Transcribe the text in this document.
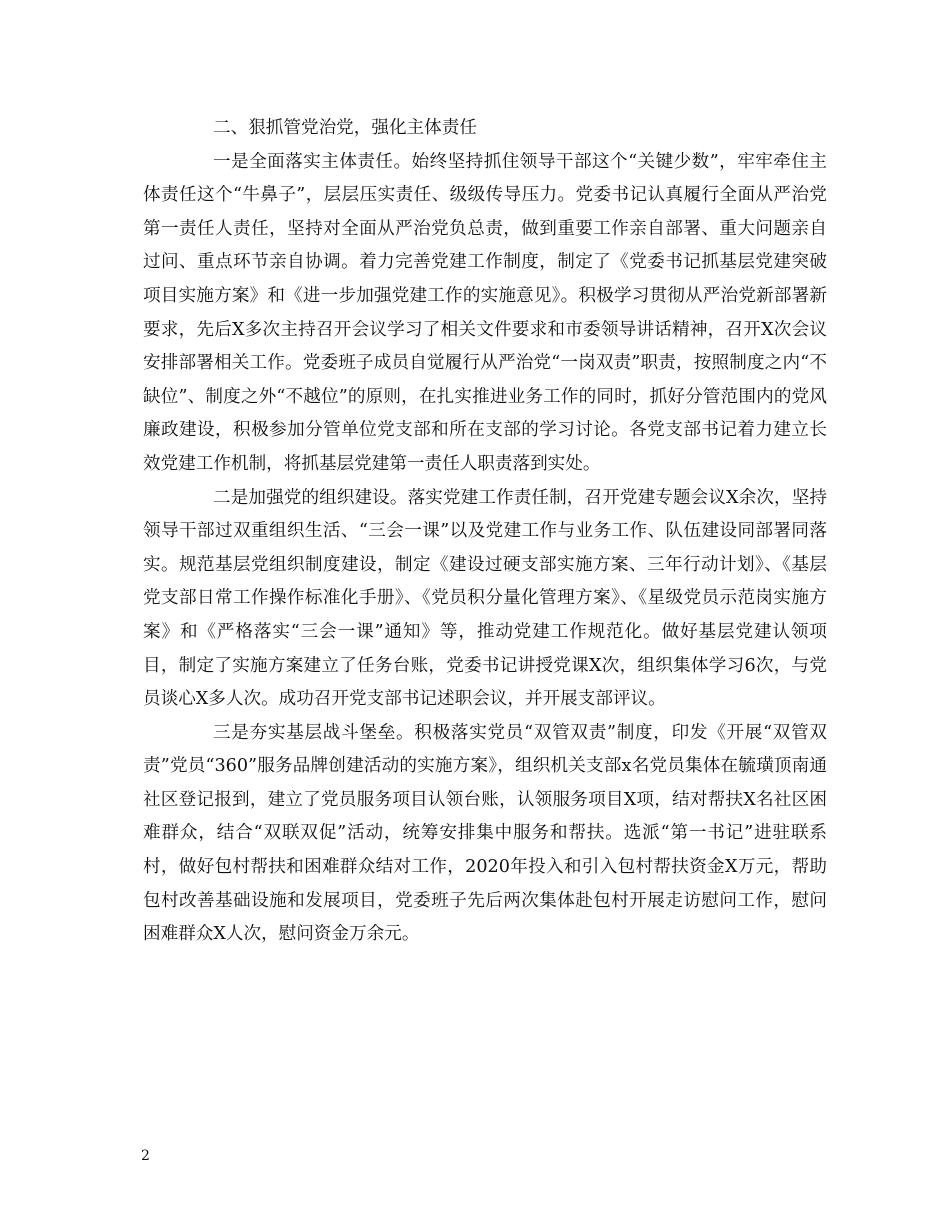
二、狠抓管党治党，强化主体责任

一是全面落实主体责任。始终坚持抓住领导干部这个“关键少数”，牢牢牵住主体责任这个“牛鼻子”，层层压实责任、级级传导压力。党委书记认真履行全面从严治党第一责任人责任，坚持对全面从严治党负总责，做到重要工作亲自部署、重大问题亲自过问、重点环节亲自协调。着力完善党建工作制度，制定了《党委书记抓基层党建突破项目实施方案》和《进一步加强党建工作的实施意见》。积极学习贯彻从严治党新部署新要求，先后X多次主持召开会议学习了相关文件要求和市委领导讲话精神，召开X次会议安排部署相关工作。党委班子成员自觉履行从严治党“一岗双责”职责，按照制度之内“不缺位”、制度之外“不越位”的原则，在扎实推进业务工作的同时，抓好分管范围内的党风廉政建设，积极参加分管单位党支部和所在支部的学习讨论。各党支部书记着力建立长效党建工作机制，将抓基层党建第一责任人职责落到实处。

二是加强党的组织建设。落实党建工作责任制，召开党建专题会议X余次，坚持领导干部过双重组织生活、“三会一课”以及党建工作与业务工作、队伍建设同部署同落实。规范基层党组织制度建设，制定《建设过硬支部实施方案、三年行动计划》、《基层党支部日常工作操作标准化手册》、《党员积分量化管理方案》、《星级党员示范岗实施方案》和《严格落实“三会一课”通知》等，推动党建工作规范化。做好基层党建认领项目，制定了实施方案建立了任务台账，党委书记讲授党课X次，组织集体学习6次，与党员谈心X多人次。成功召开党支部书记述职会议，并开展支部评议。

三是夯实基层战斗堡垒。积极落实党员“双管双责”制度，印发《开展“双管双责”党员“360”服务品牌创建活动的实施方案》，组织机关支部x名党员集体在毓璜顶南通社区登记报到，建立了党员服务项目认领台账，认领服务项目X项，结对帮扶X名社区困难群众，结合“双联双促”活动，统筹安排集中服务和帮扶。选派“第一书记”进驻联系村，做好包村帮扶和困难群众结对工作，2020年投入和引入包村帮扶资金X万元，帮助包村改善基础设施和发展项目，党委班子先后两次集体赴包村开展走访慰问工作，慰问困难群众X人次，慰问资金万余元。

2
